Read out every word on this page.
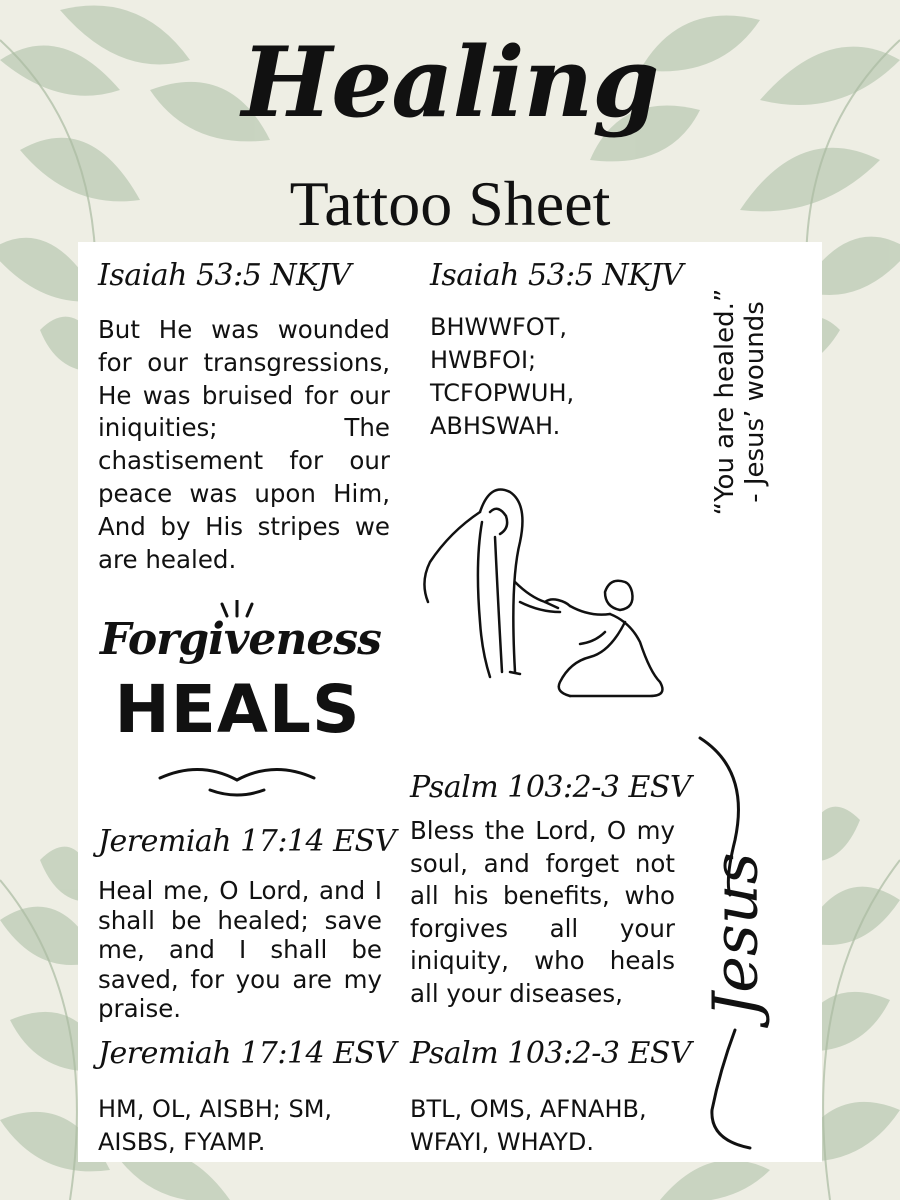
Healing
Tattoo Sheet
Isaiah 53:5 NKJV
But He was wounded for our transgressions, He was bruised for our iniquities; The chastisement for our peace was upon Him, And by His stripes we are healed.
Isaiah 53:5 NKJV
BHWWFOT,
HWBFOI;
TCFOPWUH,
ABHSWAH.	“You are healed.” - Jesus’ wounds
Forgiveness
HEALS
Jeremiah 17:14 ESV
Heal me, O Lord, and I shall be healed; save me, and I shall be saved, for you are my praise.
Jeremiah 17:14 ESV
HM, OL, AISBH; SM,
AISBS, FYAMP.
Psalm 103:2-3 ESV
Bless the Lord, O my soul, and forget not all his benefits, who forgives all your iniquity, who heals all your diseases,
Psalm 103:2-3 ESV
BTL, OMS, AFNAHB,
WFAYI, WHAYD.
Jesus
